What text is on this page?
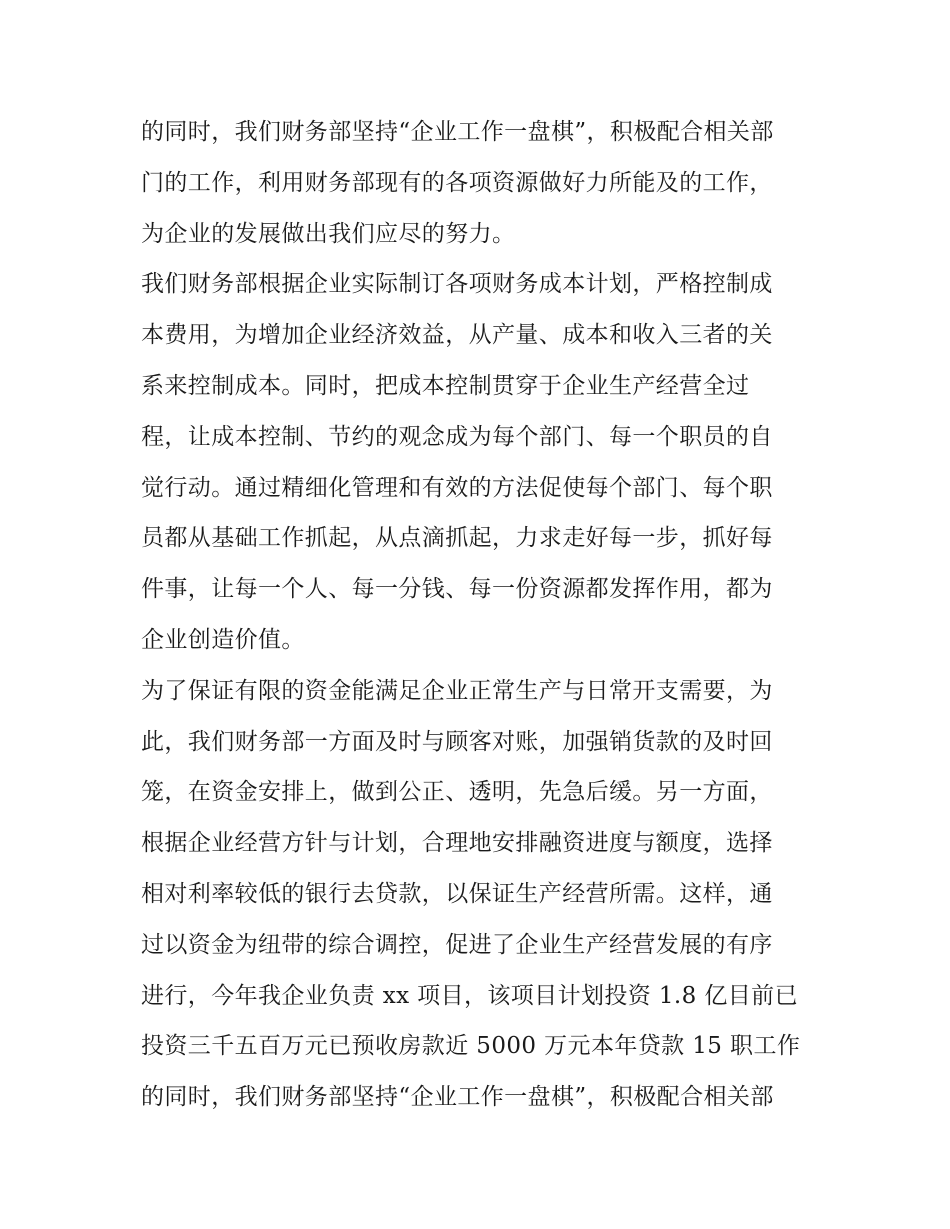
的同时，我们财务部坚持“企业工作一盘棋”，积极配合相关部
门的工作，利用财务部现有的各项资源做好力所能及的工作，
为企业的发展做出我们应尽的努力。
我们财务部根据企业实际制订各项财务成本计划，严格控制成
本费用，为增加企业经济效益，从产量、成本和收入三者的关
系来控制成本。同时，把成本控制贯穿于企业生产经营全过
程，让成本控制、节约的观念成为每个部门、每一个职员的自
觉行动。通过精细化管理和有效的方法促使每个部门、每个职
员都从基础工作抓起，从点滴抓起，力求走好每一步，抓好每
件事，让每一个人、每一分钱、每一份资源都发挥作用，都为
企业创造价值。
为了保证有限的资金能满足企业正常生产与日常开支需要，为
此，我们财务部一方面及时与顾客对账，加强销货款的及时回
笼，在资金安排上，做到公正、透明，先急后缓。另一方面，
根据企业经营方针与计划，合理地安排融资进度与额度，选择
相对利率较低的银行去贷款，以保证生产经营所需。这样，通
过以资金为纽带的综合调控，促进了企业生产经营发展的有序
进行，今年我企业负责 xx 项目，该项目计划投资 1.8 亿目前已
投资三千五百万元已预收房款近 5000 万元本年贷款 15 职工作
的同时，我们财务部坚持“企业工作一盘棋”，积极配合相关部
